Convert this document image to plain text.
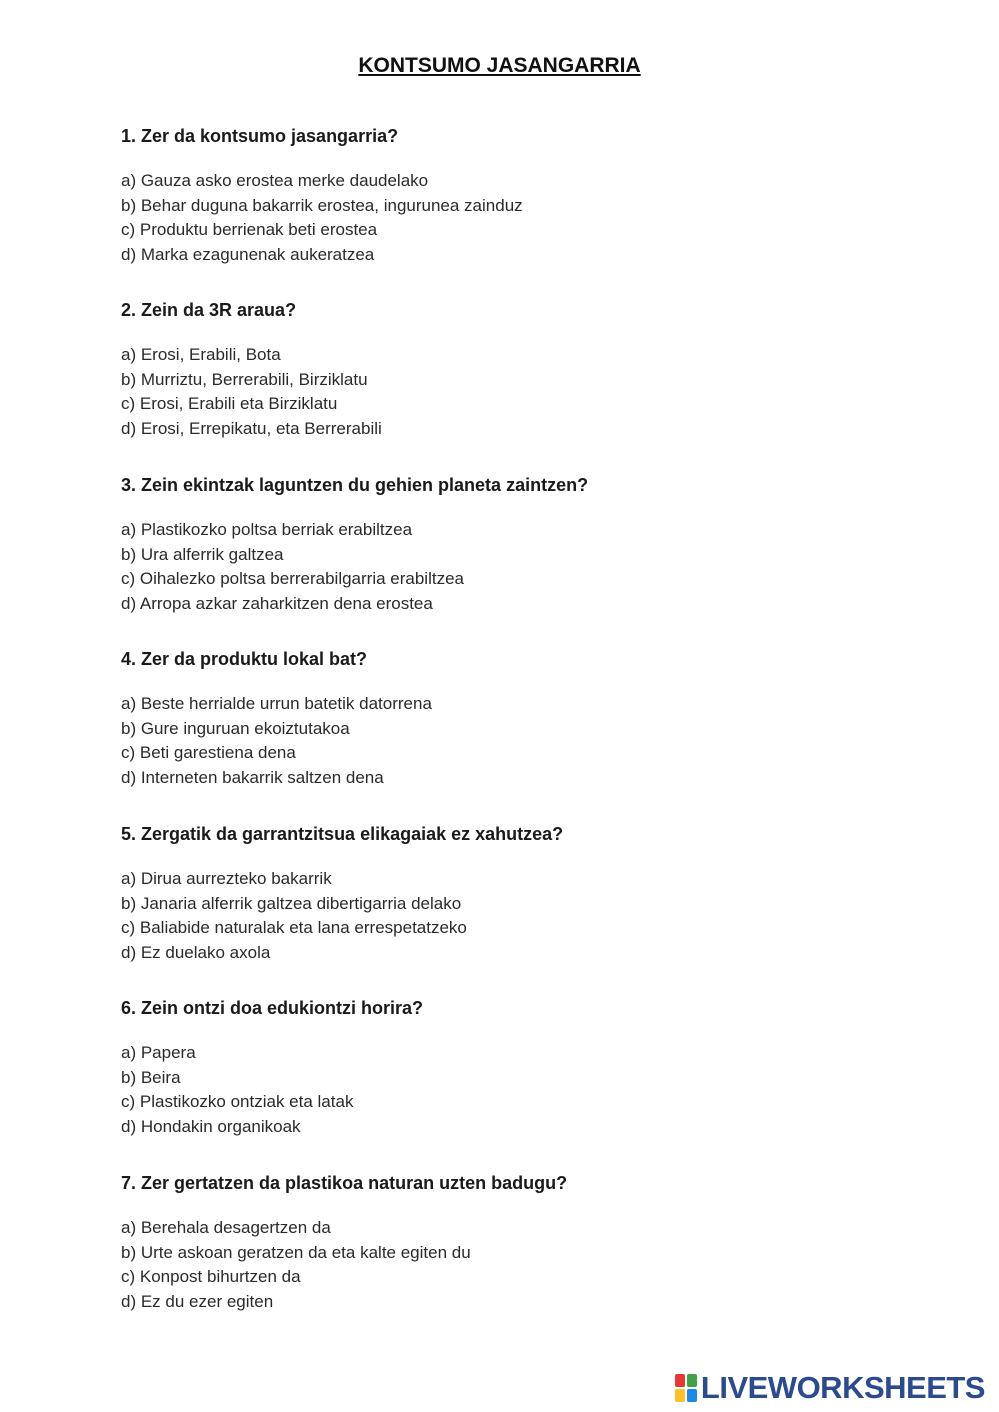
KONTSUMO JASANGARRIA

1. Zer da kontsumo jasangarria?

a) Gauza asko erostea merke daudelako
b) Behar duguna bakarrik erostea, ingurunea zainduz
c) Produktu berrienak beti erostea
d) Marka ezagunenak aukeratzea

2. Zein da 3R araua?

a) Erosi, Erabili, Bota
b) Murriztu, Berrerabili, Birziklatu
c) Erosi, Erabili eta Birziklatu
d) Erosi, Errepikatu, eta Berrerabili

3. Zein ekintzak laguntzen du gehien planeta zaintzen?

a) Plastikozko poltsa berriak erabiltzea
b) Ura alferrik galtzea
c) Oihalezko poltsa berrerabilgarria erabiltzea
d) Arropa azkar zaharkitzen dena erostea

4. Zer da produktu lokal bat?

a) Beste herrialde urrun batetik datorrena
b) Gure inguruan ekoiztutakoa
c) Beti garestiena dena
d) Interneten bakarrik saltzen dena

5. Zergatik da garrantzitsua elikagaiak ez xahutzea?

a) Dirua aurrezteko bakarrik
b) Janaria alferrik galtzea dibertigarria delako
c) Baliabide naturalak eta lana errespetatzeko
d) Ez duelako axola

6. Zein ontzi doa edukiontzi horira?

a) Papera
b) Beira
c) Plastikozko ontziak eta latak
d) Hondakin organikoak

7. Zer gertatzen da plastikoa naturan uzten badugu?

a) Berehala desagertzen da
b) Urte askoan geratzen da eta kalte egiten du
c) Konpost bihurtzen da
d) Ez du ezer egiten
LIVEWORKSHEETS
